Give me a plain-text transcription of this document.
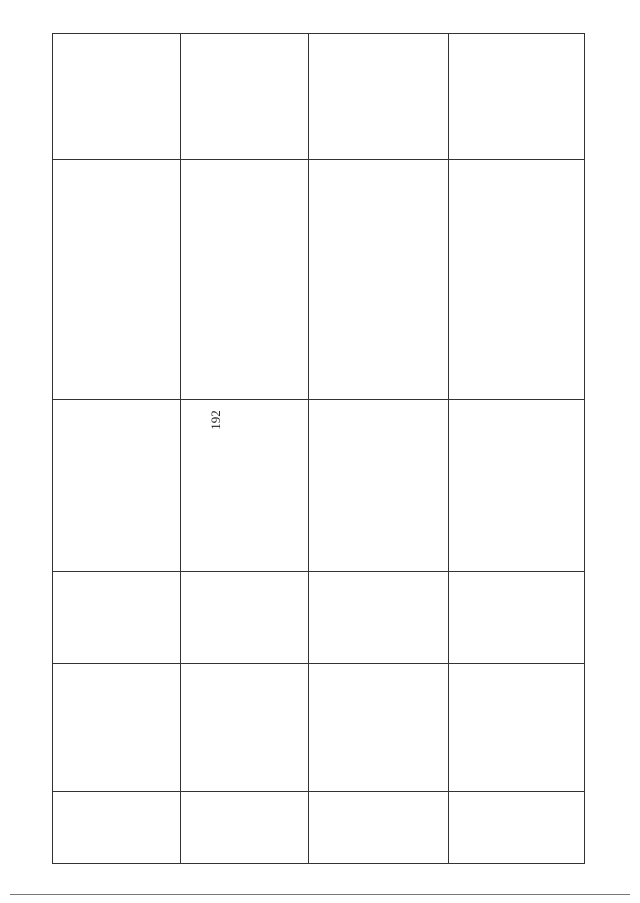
192
